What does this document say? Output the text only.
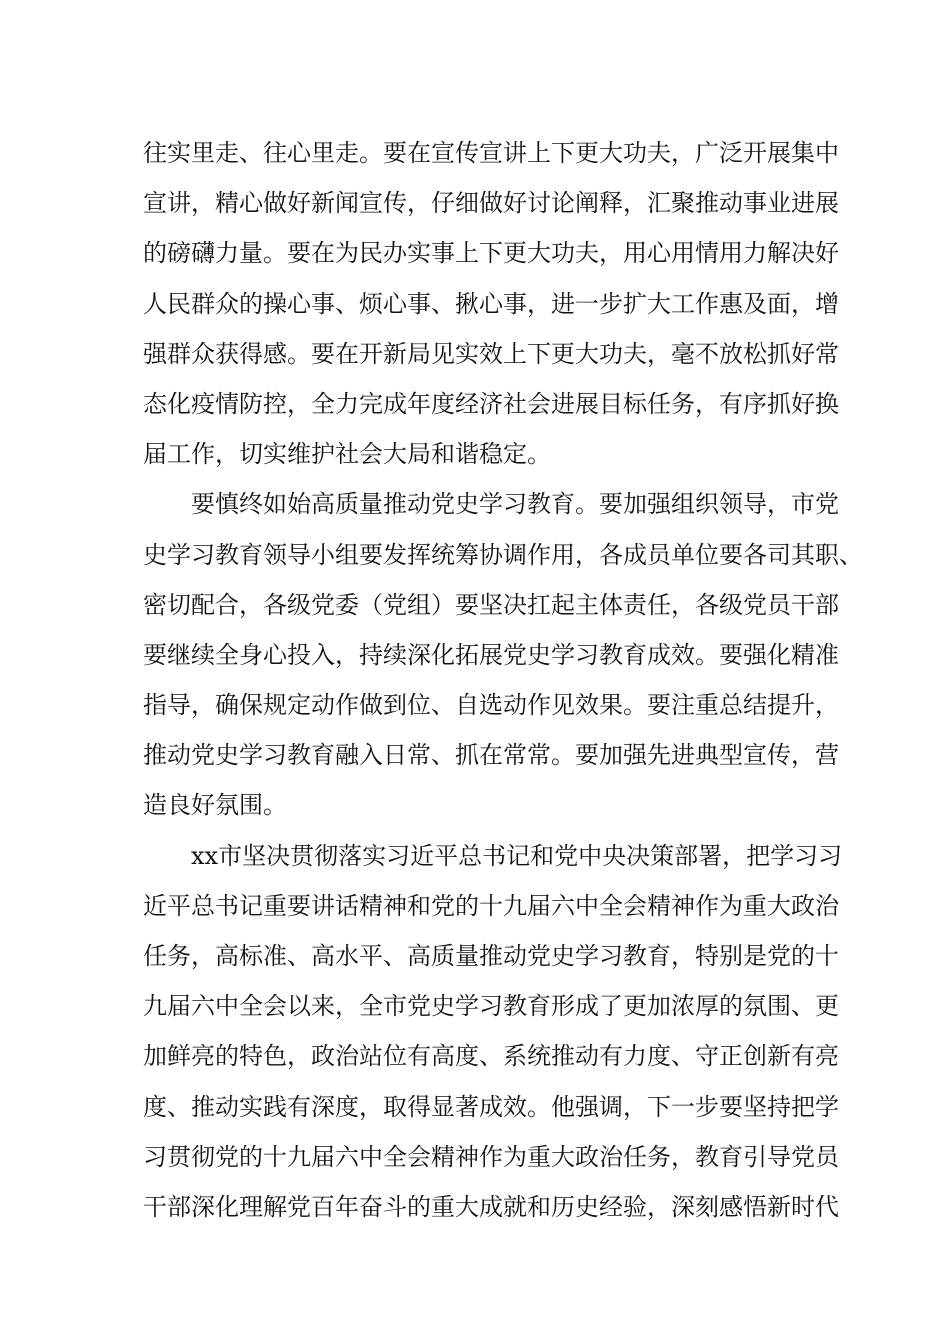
往实里走、往心里走。要在宣传宣讲上下更大功夫，广泛开展集中
宣讲，精心做好新闻宣传，仔细做好讨论阐释，汇聚推动事业进展
的磅礴力量。要在为民办实事上下更大功夫，用心用情用力解决好
人民群众的操心事、烦心事、揪心事，进一步扩大工作惠及面，增
强群众获得感。要在开新局见实效上下更大功夫，毫不放松抓好常
态化疫情防控，全力完成年度经济社会进展目标任务，有序抓好换
届工作，切实维护社会大局和谐稳定。
要慎终如始高质量推动党史学习教育。要加强组织领导，市党
史学习教育领导小组要发挥统筹协调作用，各成员单位要各司其职、
密切配合，各级党委（党组）要坚决扛起主体责任，各级党员干部
要继续全身心投入，持续深化拓展党史学习教育成效。要强化精准
指导，确保规定动作做到位、自选动作见效果。要注重总结提升，
推动党史学习教育融入日常、抓在常常。要加强先进典型宣传，营
造良好氛围。
xx市坚决贯彻落实习近平总书记和党中央决策部署，把学习习
近平总书记重要讲话精神和党的十九届六中全会精神作为重大政治
任务，高标准、高水平、高质量推动党史学习教育，特别是党的十
九届六中全会以来，全市党史学习教育形成了更加浓厚的氛围、更
加鲜亮的特色，政治站位有高度、系统推动有力度、守正创新有亮
度、推动实践有深度，取得显著成效。他强调，下一步要坚持把学
习贯彻党的十九届六中全会精神作为重大政治任务，教育引导党员
干部深化理解党百年奋斗的重大成就和历史经验，深刻感悟新时代
